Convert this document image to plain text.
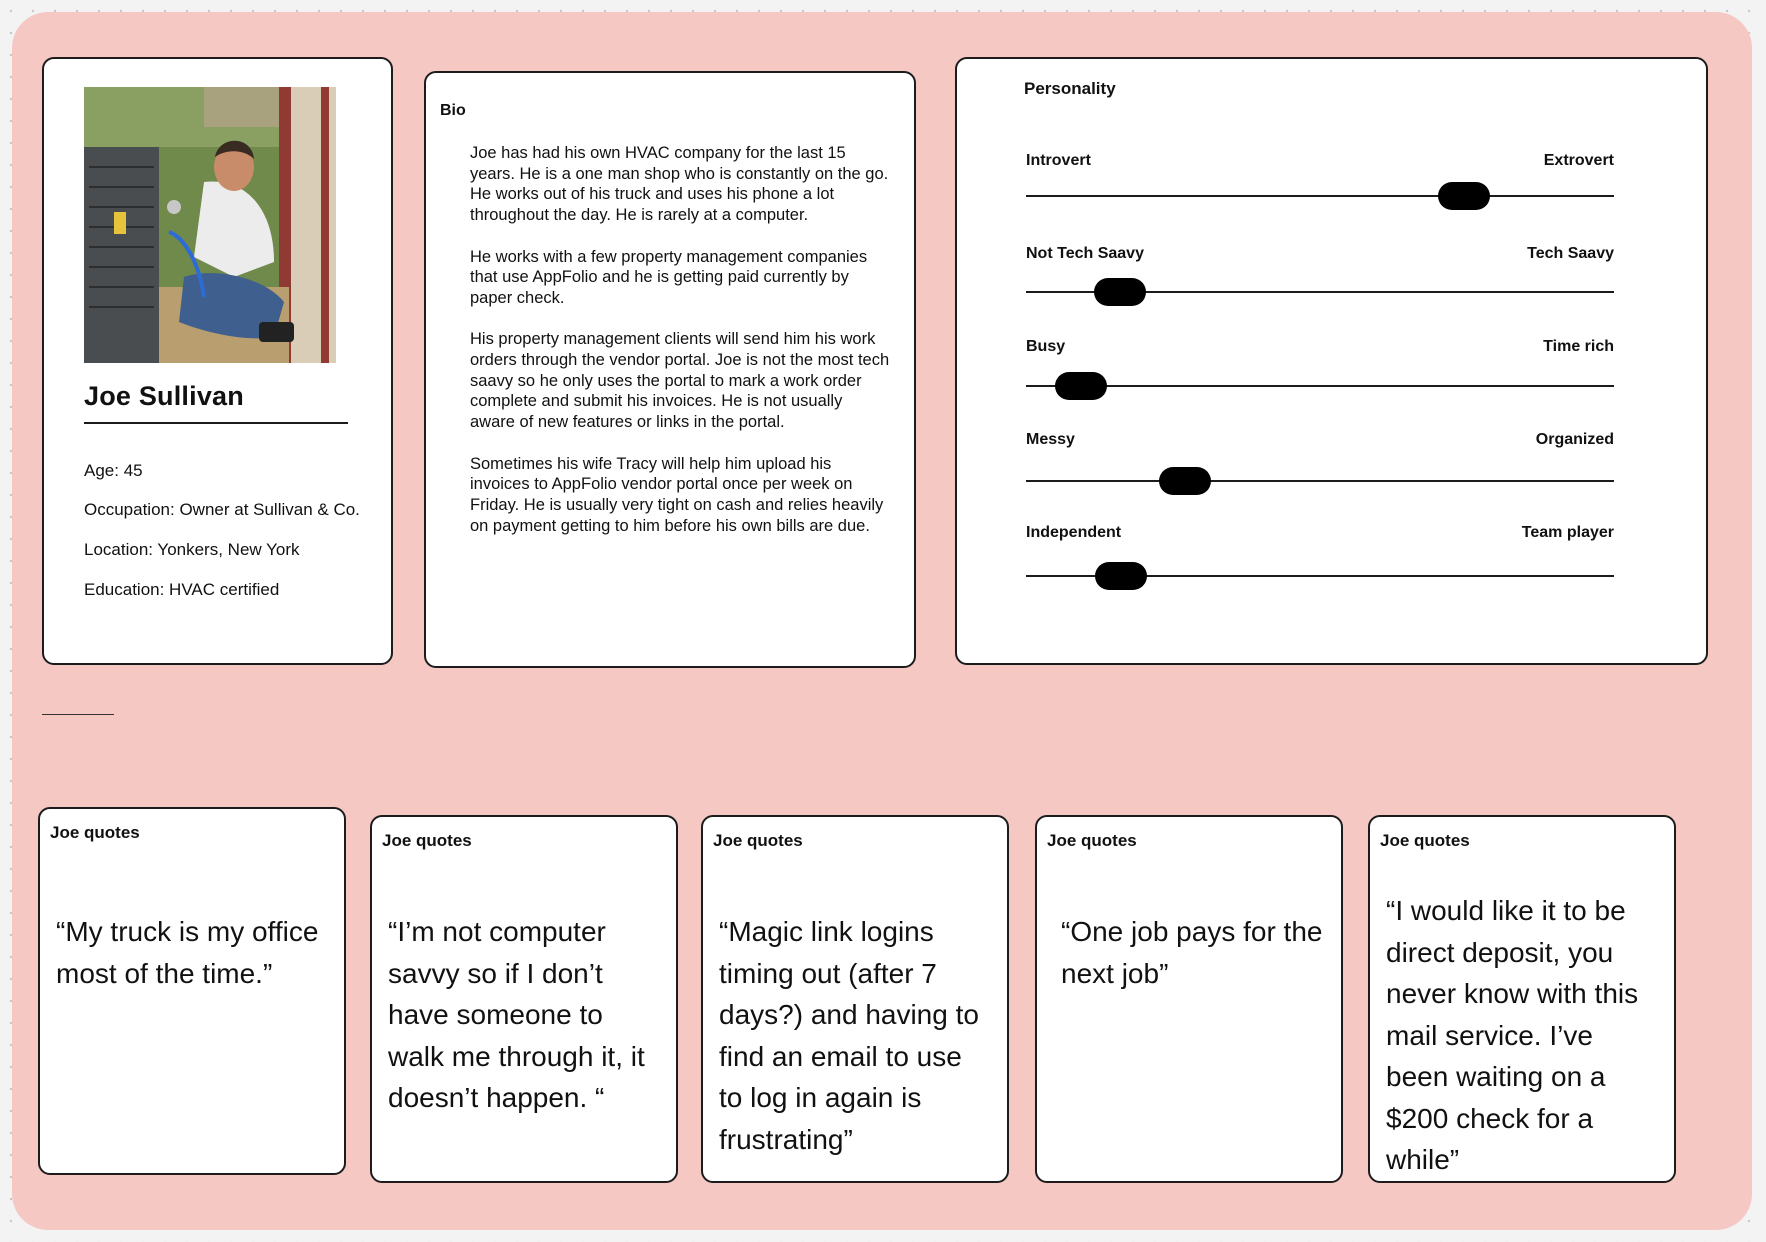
Joe Sullivan
Age: 45
Occupation: Owner at Sullivan & Co.
Location: Yonkers, New York
Education: HVAC certified
Bio

Joe has had his own HVAC company for the last 15 years. He is a one man shop who is constantly on the go. He works out of his truck and uses his phone a lot throughout the day. He is rarely at a computer.

He works with a few property management companies that use AppFolio and he is getting paid currently by paper check.

His property management clients will send him his work orders through the vendor portal. Joe is not the most tech saavy so he only uses the portal to mark a work order complete and submit his invoices. He is not usually aware of new features or links in the portal.

Sometimes his wife Tracy will help him upload his invoices to AppFolio vendor portal once per week on Friday. He is usually very tight on cash and relies heavily on payment getting to him before his own bills are due.

Personality
Introvert	Extrovert
Not Tech Saavy	Tech Saavy
Busy	Time rich
Messy	Organized
Independent	Team player
Joe quotes
“My truck is my office most of the time.”
Joe quotes
“I’m not computer savvy so if I don’t have someone to walk me through it, it doesn’t happen. “
Joe quotes
“Magic link logins timing out (after 7 days?) and having to find an email to use to log in again is frustrating”
Joe quotes
“One job pays for the next job”
Joe quotes
“I would like it to be direct deposit, you never know with this mail service. I’ve been waiting on a $200 check for a while”
